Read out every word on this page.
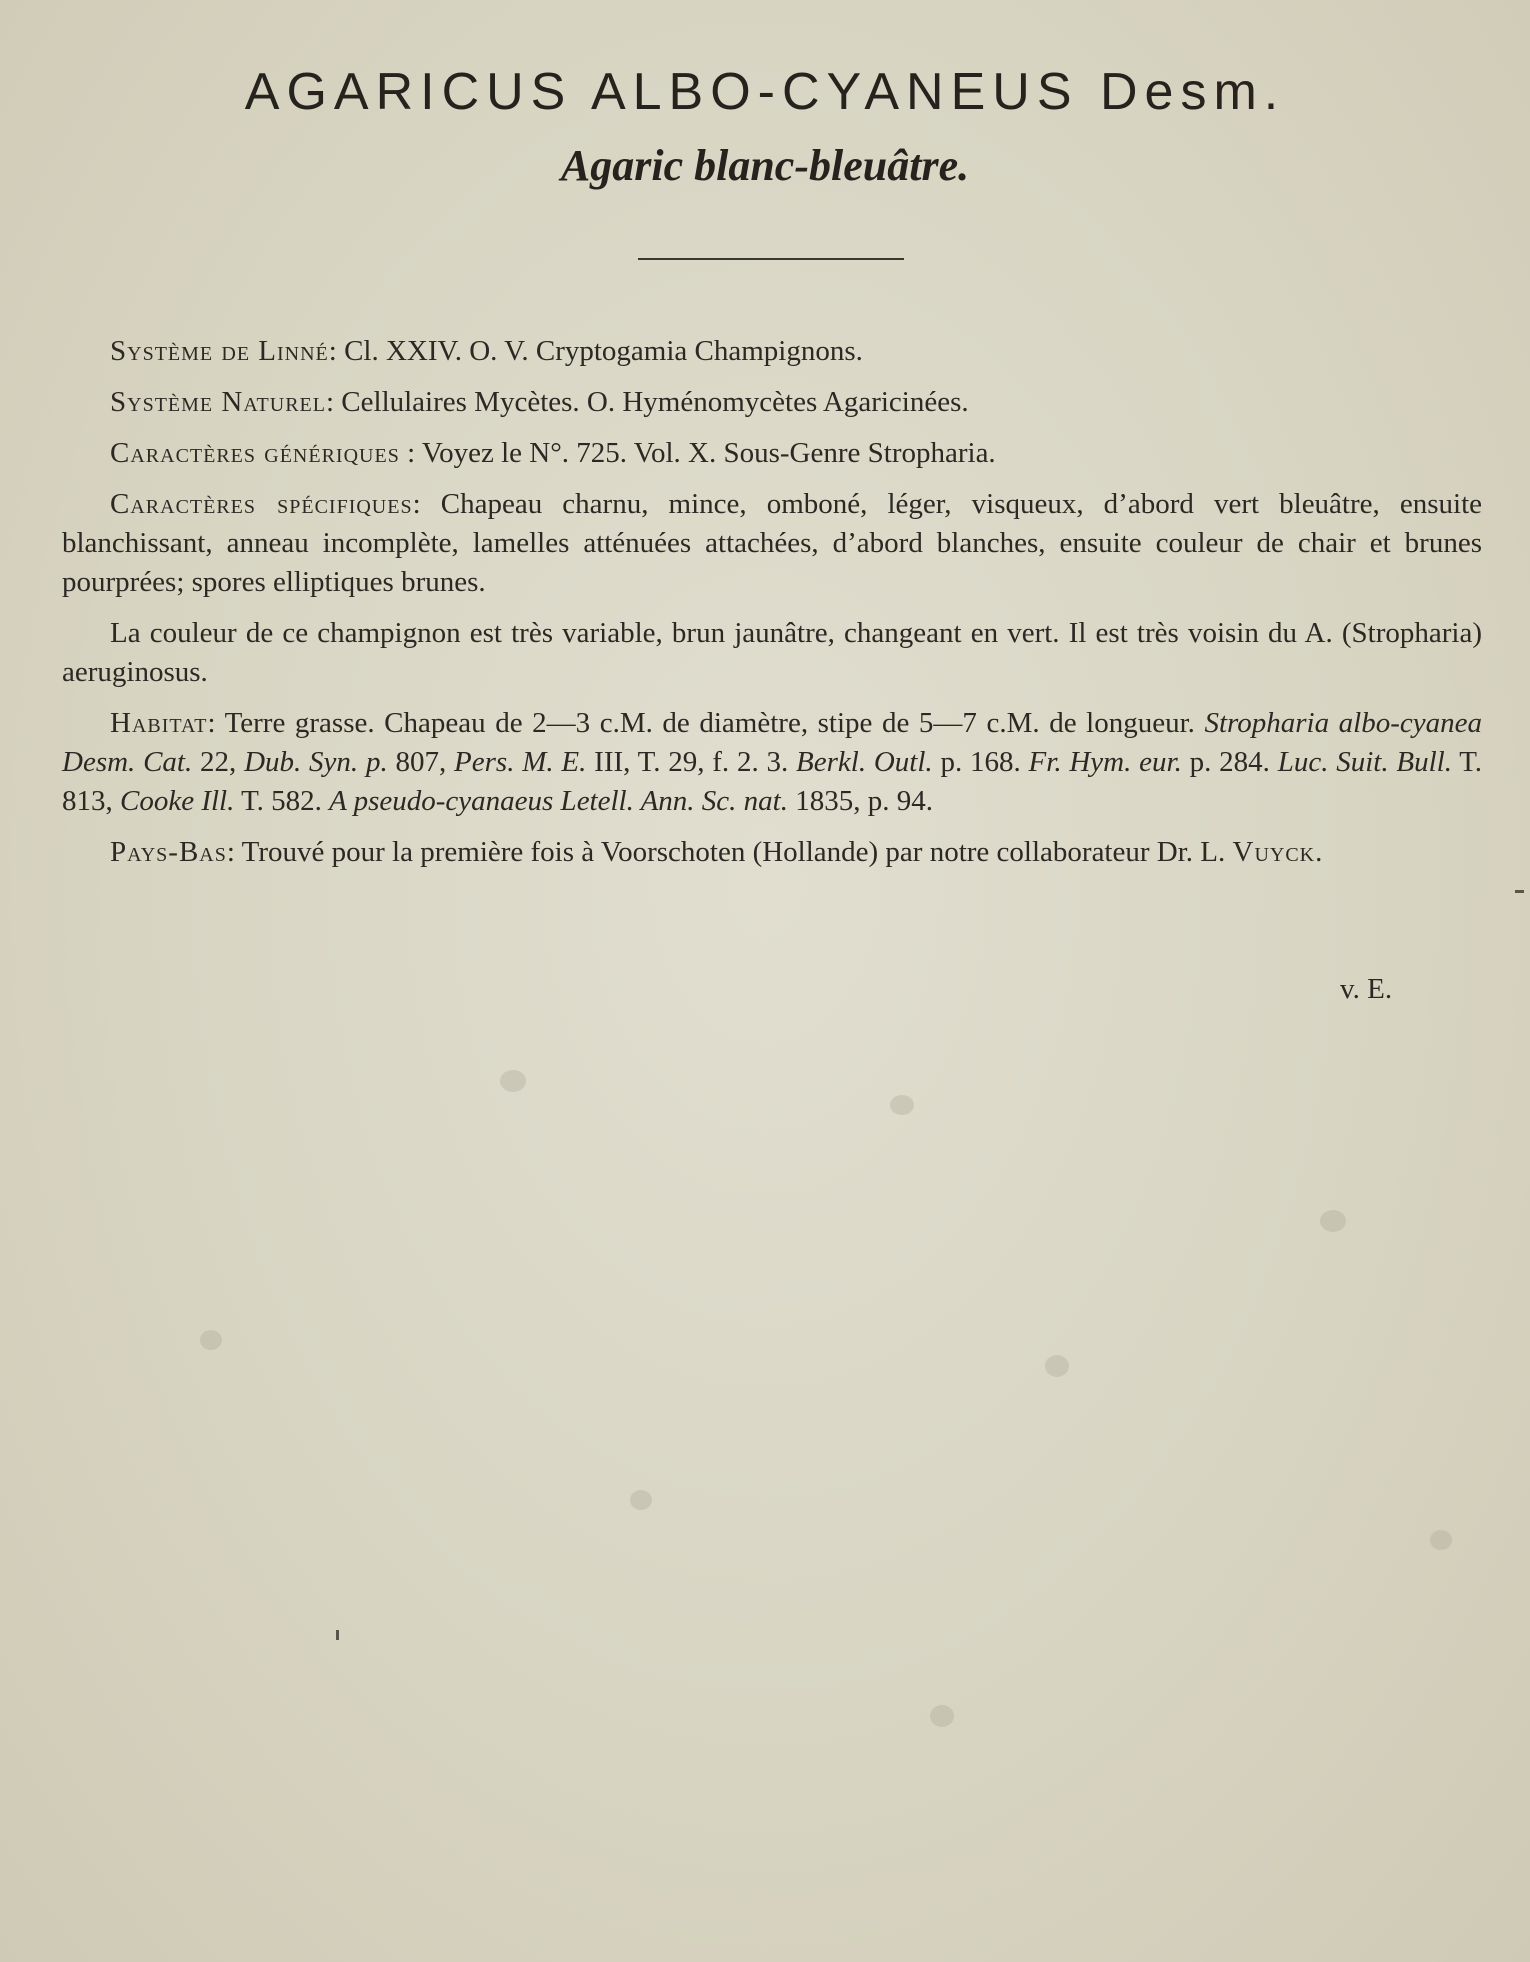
AGARICUS ALBO-CYANEUS Desm.
Agaric blanc-bleuâtre.

Système de Linné: Cl. XXIV. O. V. Cryptogamia Champignons.

Système Naturel: Cellulaires Mycètes. O. Hyménomycètes Agaricinées.

Caractères génériques : Voyez le N°. 725. Vol. X. Sous-Genre Stropharia.

Caractères spécifiques: Chapeau charnu, mince, omboné, léger, visqueux, d’abord vert bleuâtre, ensuite blanchissant, anneau incomplète, lamelles atténuées attachées, d’abord blanches, ensuite couleur de chair et brunes pourprées; spores elliptiques brunes.

La couleur de ce champignon est très variable, brun jaunâtre, changeant en vert. Il est très voisin du A. (Stropharia) aeruginosus.

Habitat: Terre grasse. Chapeau de 2—3 c.M. de diamètre, stipe de 5—7 c.M. de longueur. Stropharia albo-cyanea Desm. Cat. 22, Dub. Syn. p. 807, Pers. M. E. III, T. 29, f. 2. 3. Berkl. Outl. p. 168. Fr. Hym. eur. p. 284. Luc. Suit. Bull. T. 813, Cooke Ill. T. 582. A pseudo-cyanaeus Letell. Ann. Sc. nat. 1835, p. 94.

Pays-Bas: Trouvé pour la première fois à Voorschoten (Hollande) par notre collaborateur Dr. L. Vuyck.

v. E.
